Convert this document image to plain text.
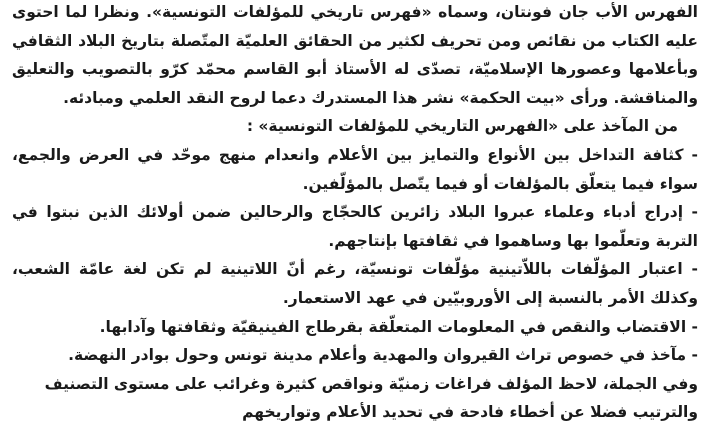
الفهرس الأب جان فونتان، وسماه «فهرس تاريخي للمؤلفات التونسية». ونظرا لما احتوى عليه الكتاب من نقائص ومن تحريف لكثير من الحقائق العلميّة المتّصلة بتاريخ البلاد الثقافي وبأعلامها وعصورها الإسلاميّة، تصدّى له الأستاذ أبو القاسم محمّد كرّو بالتصويب والتعليق والمناقشة. ورأى «بيت الحكمة» نشر هذا المستدرك دعما لروح النقد العلمي ومبادئه.

من المآخذ على «الفهرس التاريخي للمؤلفات التونسية» :

- كثافة التداخل بين الأنواع والتمايز بين الأعلام وانعدام منهج موحّد في العرض والجمع، سواء فيما يتعلّق بالمؤلفات أو فيما يتّصل بالمؤلّفين.
- إدراج أدباء وعلماء عبروا البلاد زائرين كالحجّاج والرحالين ضمن أولائك الذين نبتوا في التربة وتعلّموا بها وساهموا في ثقافتها بإنتاجهم.
- اعتبار المؤلّفات باللاّتينية مؤلّفات تونسيّة، رغم أنّ اللاتينية لم تكن لغة عامّة الشعب، وكذلك الأمر بالنسبة إلى الأوروبيّين في عهد الاستعمار.
- الاقتضاب والنقص في المعلومات المتعلّقة بقرطاج الفينيقيّة وثقافتها وآدابها.
- مآخذ في خصوص تراث القيروان والمهدية وأعلام مدينة تونس وحول بوادر النهضة.

وفي الجملة، لاحظ المؤلف فراغات زمنيّة ونواقص كثيرة وغرائب على مستوى التصنيف

والترتيب فضلا عن أخطاء فادحة في تحديد الأعلام وتواريخهم
